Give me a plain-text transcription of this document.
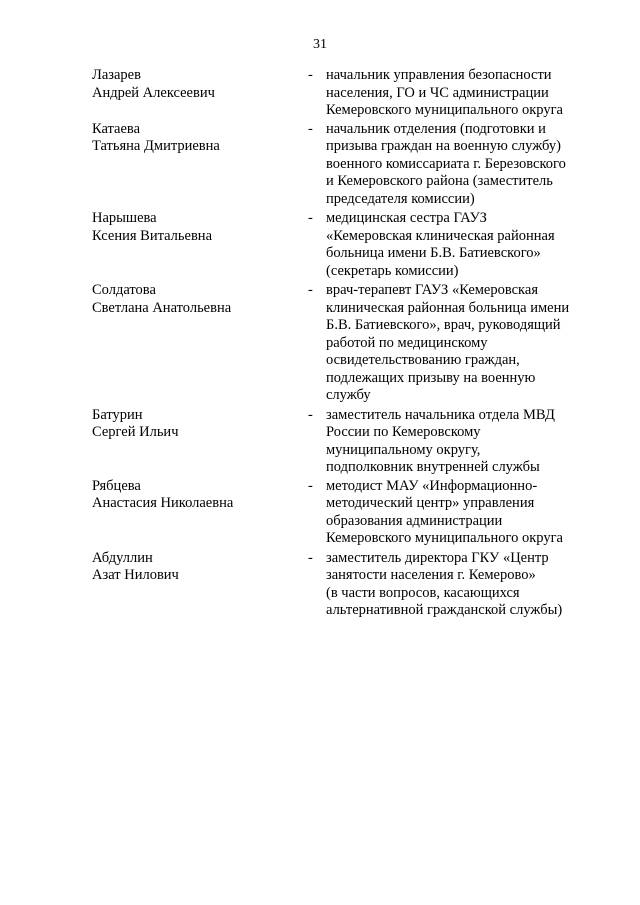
31
Лазарев
Андрей Алексеевич
- начальник управления безопасности
населения, ГО и ЧС администрации
Кемеровского муниципального округа
Катаева
Татьяна Дмитриевна
- начальник отделения (подготовки и
призыва граждан на военную службу)
военного комиссариата г. Березовского
и Кемеровского района (заместитель
председателя комиссии)
Нарышева
Ксения Витальевна
- медицинская сестра ГАУЗ
«Кемеровская клиническая районная
больница имени Б.В. Батиевского»
(секретарь комиссии)
Солдатова
Светлана Анатольевна
- врач-терапевт ГАУЗ «Кемеровская
клиническая районная больница имени
Б.В. Батиевского», врач, руководящий
работой по медицинскому
освидетельствованию граждан,
подлежащих призыву на военную
службу
Батурин
Сергей Ильич
- заместитель начальника отдела МВД
России по Кемеровскому
муниципальному округу,
подполковник внутренней службы
Рябцева
Анастасия Николаевна
- методист МАУ «Информационно-
методический центр» управления
образования администрации
Кемеровского муниципального округа
Абдуллин
Азат Нилович
- заместитель директора ГКУ «Центр
занятости населения г. Кемерово»
(в части вопросов, касающихся
альтернативной гражданской службы)
